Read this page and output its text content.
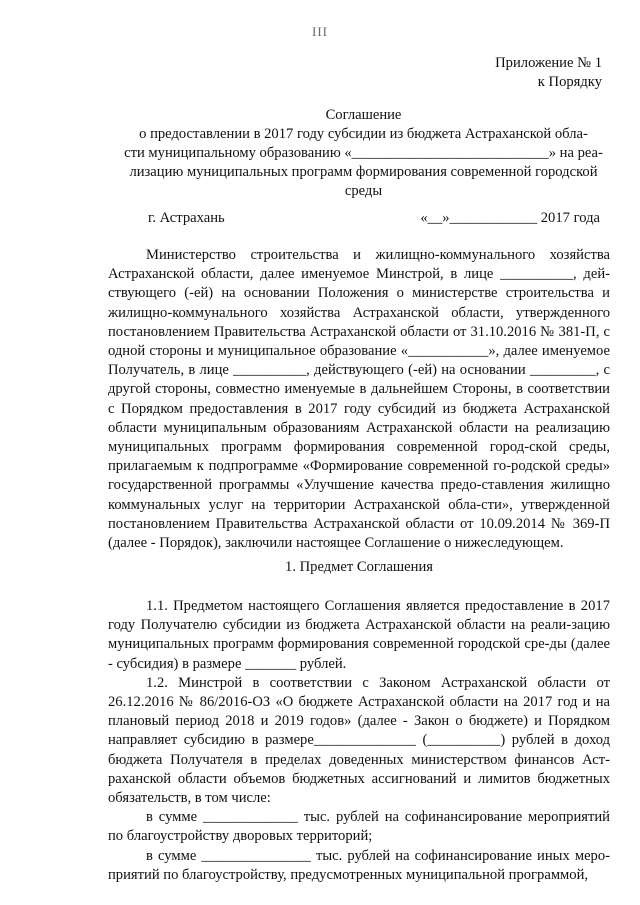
III
Приложение № 1
к Порядку
Соглашение
о предоставлении в 2017 году субсидии из бюджета Астраханской обла-
сти муниципальному образованию «___________________________» на реа-
лизацию муниципальных программ формирования современной городской
среды
г. Астрахань	«__»____________ 2017 года

Министерство строительства и жилищно-коммунального хозяйства Астраханской области, далее именуемое Минстрой, в лице __________, дей-ствующего (-ей) на основании Положения о министерстве строительства и жилищно-коммунального хозяйства Астраханской области, утвержденного постановлением Правительства Астраханской области от 31.10.2016 № 381-П, с одной стороны и муниципальное образование «___________», далее именуемое Получатель, в лице __________, действующего (-ей) на основании _________, с другой стороны, совместно именуемые в дальнейшем Стороны, в соответствии с Порядком предоставления в 2017 году субсидий из бюджета Астраханской области муниципальным образованиям Астраханской области на реализацию муниципальных программ формирования современной город-ской среды, прилагаемым к подпрограмме «Формирование современной го-родской среды» государственной программы «Улучшение качества предо-ставления жилищно коммунальных услуг на территории Астраханской обла-сти», утвержденной постановлением Правительства Астраханской области от 10.09.2014 № 369-П (далее - Порядок), заключили настоящее Соглашение о нижеследующем.

1. Предмет Соглашения

1.1. Предметом настоящего Соглашения является предоставление в 2017 году Получателю субсидии из бюджета Астраханской области на реали-зацию муниципальных программ формирования современной городской сре-ды (далее - субсидия) в размере _______ рублей.

1.2. Минстрой в соответствии с Законом Астраханской области от 26.12.2016 № 86/2016-ОЗ «О бюджете Астраханской области на 2017 год и на плановый период 2018 и 2019 годов» (далее - Закон о бюджете) и Порядком направляет субсидию в размере______________ (__________) рублей в доход бюджета Получателя в пределах доведенных министерством финансов Аст-раханской области объемов бюджетных ассигнований и лимитов бюджетных обязательств, в том числе:

в сумме _____________ тыс. рублей на софинансирование мероприятий по благоустройству дворовых территорий;

в сумме _______________ тыс. рублей на софинансирование иных меро-приятий по благоустройству, предусмотренных муниципальной программой,
